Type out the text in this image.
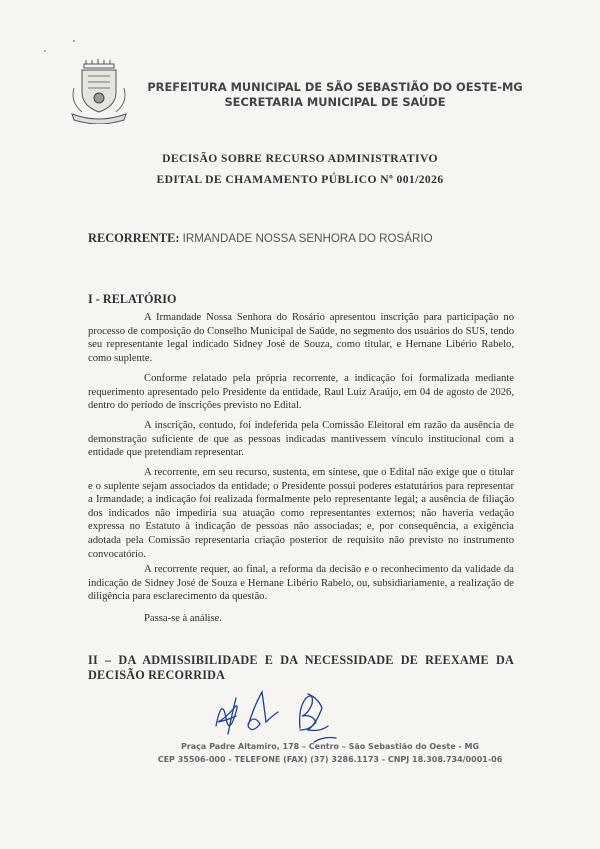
PREFEITURA MUNICIPAL DE SÃO SEBASTIÃO DO OESTE-MG
SECRETARIA MUNICIPAL DE SAÚDE
DECISÃO SOBRE RECURSO ADMINISTRATIVO
EDITAL DE CHAMAMENTO PÚBLICO Nº 001/2026
RECORRENTE: IRMANDADE NOSSA SENHORA DO ROSÁRIO
I - RELATÓRIO

A Irmandade Nossa Senhora do Rosário apresentou inscrição para participação no processo de composição do Conselho Municipal de Saúde, no segmento dos usuários do SUS, tendo seu representante legal indicado Sidney José de Souza, como titular, e Hernane Libério Rabelo, como suplente.

Conforme relatado pela própria recorrente, a indicação foi formalizada mediante requerimento apresentado pelo Presidente da entidade, Raul Luiz Araújo, em 04 de agosto de 2026, dentro do período de inscrições previsto no Edital.

A inscrição, contudo, foi indeferida pela Comissão Eleitoral em razão da ausência de demonstração suficiente de que as pessoas indicadas mantivessem vínculo institucional com a entidade que pretendiam representar.

A recorrente, em seu recurso, sustenta, em síntese, que o Edital não exige que o titular e o suplente sejam associados da entidade; o Presidente possui poderes estatutários para representar a Irmandade; a indicação foi realizada formalmente pelo representante legal; a ausência de filiação dos indicados não impediria sua atuação como representantes externos; não haveria vedação expressa no Estatuto à indicação de pessoas não associadas; e, por consequência, a exigência adotada pela Comissão representaria criação posterior de requisito não previsto no instrumento convocatório.

A recorrente requer, ao final, a reforma da decisão e o reconhecimento da validade da indicação de Sidney José de Souza e Hernane Libério Rabelo, ou, subsidiariamente, a realização de diligência para esclarecimento da questão.

Passa-se à análise.

II – DA ADMISSIBILIDADE E DA NECESSIDADE DE REEXAME DA DECISÃO RECORRIDA
Praça Padre Altamiro, 178 – Centro – São Sebastião do Oeste - MG
CEP 35506-000 - TELEFONE (FAX) (37) 3286.1173 - CNPJ 18.308.734/0001-06
